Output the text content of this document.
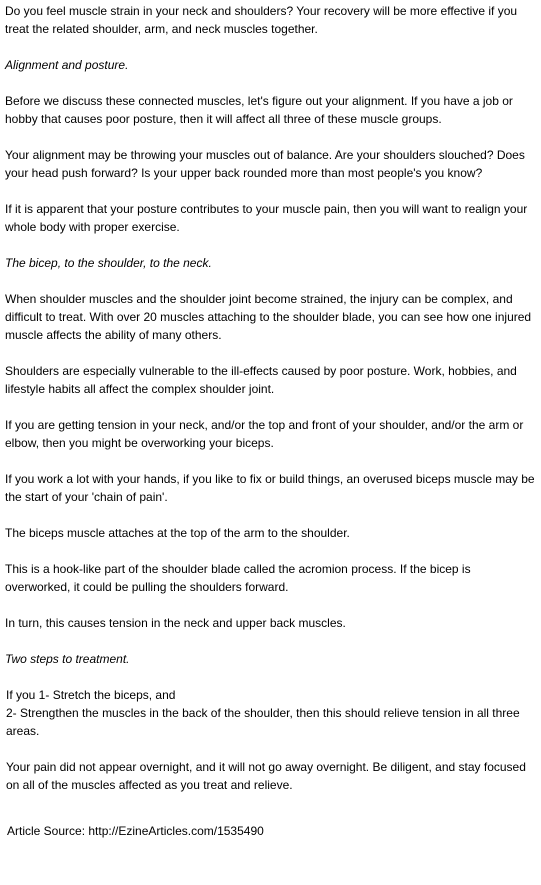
Do you feel muscle strain in your neck and shoulders? Your recovery will be more effective if you treat the related shoulder, arm, and neck muscles together.

Alignment and posture.

Before we discuss these connected muscles, let's figure out your alignment. If you have a job or hobby that causes poor posture, then it will affect all three of these muscle groups.

Your alignment may be throwing your muscles out of balance. Are your shoulders slouched? Does your head push forward? Is your upper back rounded more than most people's you know?

If it is apparent that your posture contributes to your muscle pain, then you will want to realign your whole body with proper exercise.

The bicep, to the shoulder, to the neck.

When shoulder muscles and the shoulder joint become strained, the injury can be complex, and difficult to treat. With over 20 muscles attaching to the shoulder blade, you can see how one injured muscle affects the ability of many others.

Shoulders are especially vulnerable to the ill-effects caused by poor posture. Work, hobbies, and lifestyle habits all affect the complex shoulder joint.

If you are getting tension in your neck, and/or the top and front of your shoulder, and/or the arm or elbow, then you might be overworking your biceps.

If you work a lot with your hands, if you like to fix or build things, an overused biceps muscle may be the start of your 'chain of pain'.

The biceps muscle attaches at the top of the arm to the shoulder.

This is a hook-like part of the shoulder blade called the acromion process. If the bicep is overworked, it could be pulling the shoulders forward.

In turn, this causes tension in the neck and upper back muscles.

Two steps to treatment.

If you 1- Stretch the biceps, and
2- Strengthen the muscles in the back of the shoulder, then this should relieve tension in all three areas.

Your pain did not appear overnight, and it will not go away overnight. Be diligent, and stay focused on all of the muscles affected as you treat and relieve.

Article Source: http://EzineArticles.com/1535490
